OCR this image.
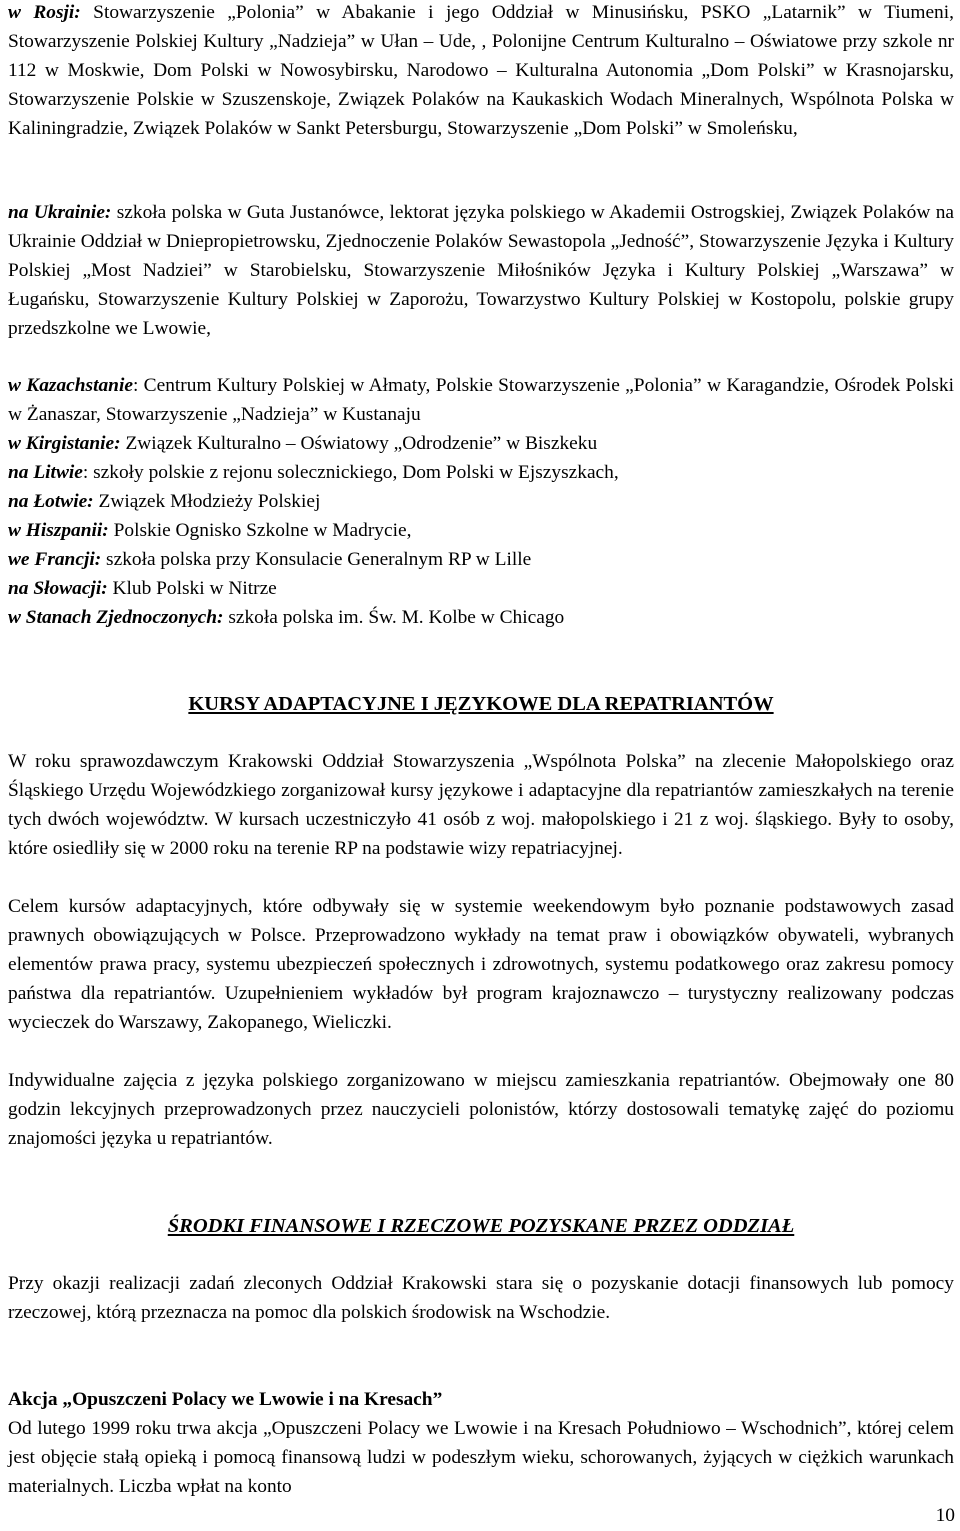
w Rosji: Stowarzyszenie „Polonia” w Abakanie i jego Oddział w Minusińsku, PSKO „Latarnik” w Tiumeni, Stowarzyszenie Polskiej Kultury „Nadzieja” w Ułan – Ude, , Polonijne Centrum Kulturalno – Oświatowe przy szkole nr 112 w Moskwie, Dom Polski w Nowosybirsku, Narodowo – Kulturalna Autonomia „Dom Polski” w Krasnojarsku, Stowarzyszenie Polskie w Szuszenskoje, Związek Polaków na Kaukaskich Wodach Mineralnych, Wspólnota Polska w Kaliningradzie, Związek Polaków w Sankt Petersburgu, Stowarzyszenie „Dom Polski” w Smoleńsku,

na Ukrainie: szkoła polska w Guta Justanówce, lektorat języka polskiego w Akademii Ostrogskiej, Związek Polaków na Ukrainie Oddział w Dniepropietrowsku, Zjednoczenie Polaków Sewastopola „Jedność”, Stowarzyszenie Języka i Kultury Polskiej „Most Nadziei” w Starobielsku, Stowarzyszenie Miłośników Języka i Kultury Polskiej „Warszawa” w Ługańsku, Stowarzyszenie Kultury Polskiej w Zaporożu, Towarzystwo Kultury Polskiej w Kostopolu, polskie grupy przedszkolne we Lwowie,

w Kazachstanie: Centrum Kultury Polskiej w Ałmaty, Polskie Stowarzyszenie „Polonia” w Karagandzie, Ośrodek Polski w Żanaszar, Stowarzyszenie „Nadzieja” w Kustanaju

w Kirgistanie: Związek Kulturalno – Oświatowy „Odrodzenie” w Biszkeku

na Litwie: szkoły polskie z rejonu solecznickiego, Dom Polski w Ejszyszkach,

na Łotwie: Związek Młodzieży Polskiej

w Hiszpanii: Polskie Ognisko Szkolne w Madrycie,

we Francji: szkoła polska przy Konsulacie Generalnym RP w Lille

na Słowacji: Klub Polski w Nitrze

w Stanach Zjednoczonych: szkoła polska im. Św. M. Kolbe w Chicago

KURSY ADAPTACYJNE I JĘZYKOWE DLA REPATRIANTÓW

W roku sprawozdawczym Krakowski Oddział Stowarzyszenia „Wspólnota Polska” na zlecenie Małopolskiego oraz Śląskiego Urzędu Wojewódzkiego zorganizował kursy językowe i adaptacyjne dla repatriantów zamieszkałych na terenie tych dwóch województw. W kursach uczestniczyło 41 osób z woj. małopolskiego i 21 z woj. śląskiego. Były to osoby, które osiedliły się w 2000 roku na terenie RP na podstawie wizy repatriacyjnej.

Celem kursów adaptacyjnych, które odbywały się w systemie weekendowym było poznanie podstawowych zasad prawnych obowiązujących w Polsce. Przeprowadzono wykłady na temat praw i obowiązków obywateli, wybranych elementów prawa pracy, systemu ubezpieczeń społecznych i zdrowotnych, systemu podatkowego oraz zakresu pomocy państwa dla repatriantów. Uzupełnieniem wykładów był program krajoznawczo – turystyczny realizowany podczas wycieczek do Warszawy, Zakopanego, Wieliczki.

Indywidualne zajęcia z języka polskiego zorganizowano w miejscu zamieszkania repatriantów. Obejmowały one 80 godzin lekcyjnych przeprowadzonych przez nauczycieli polonistów, którzy dostosowali tematykę zajęć do poziomu znajomości języka u repatriantów.

ŚRODKI FINANSOWE I RZECZOWE POZYSKANE PRZEZ ODDZIAŁ

Przy okazji realizacji zadań zleconych Oddział Krakowski stara się o pozyskanie dotacji finansowych lub pomocy rzeczowej, którą przeznacza na pomoc dla polskich środowisk na Wschodzie.

Akcja „Opuszczeni Polacy we Lwowie i na Kresach”

Od lutego 1999 roku trwa akcja „Opuszczeni Polacy we Lwowie i na Kresach Południowo – Wschodnich”, której celem jest objęcie stałą opieką i pomocą finansową ludzi w podeszłym wieku, schorowanych, żyjących w ciężkich warunkach materialnych. Liczba wpłat na konto

10
